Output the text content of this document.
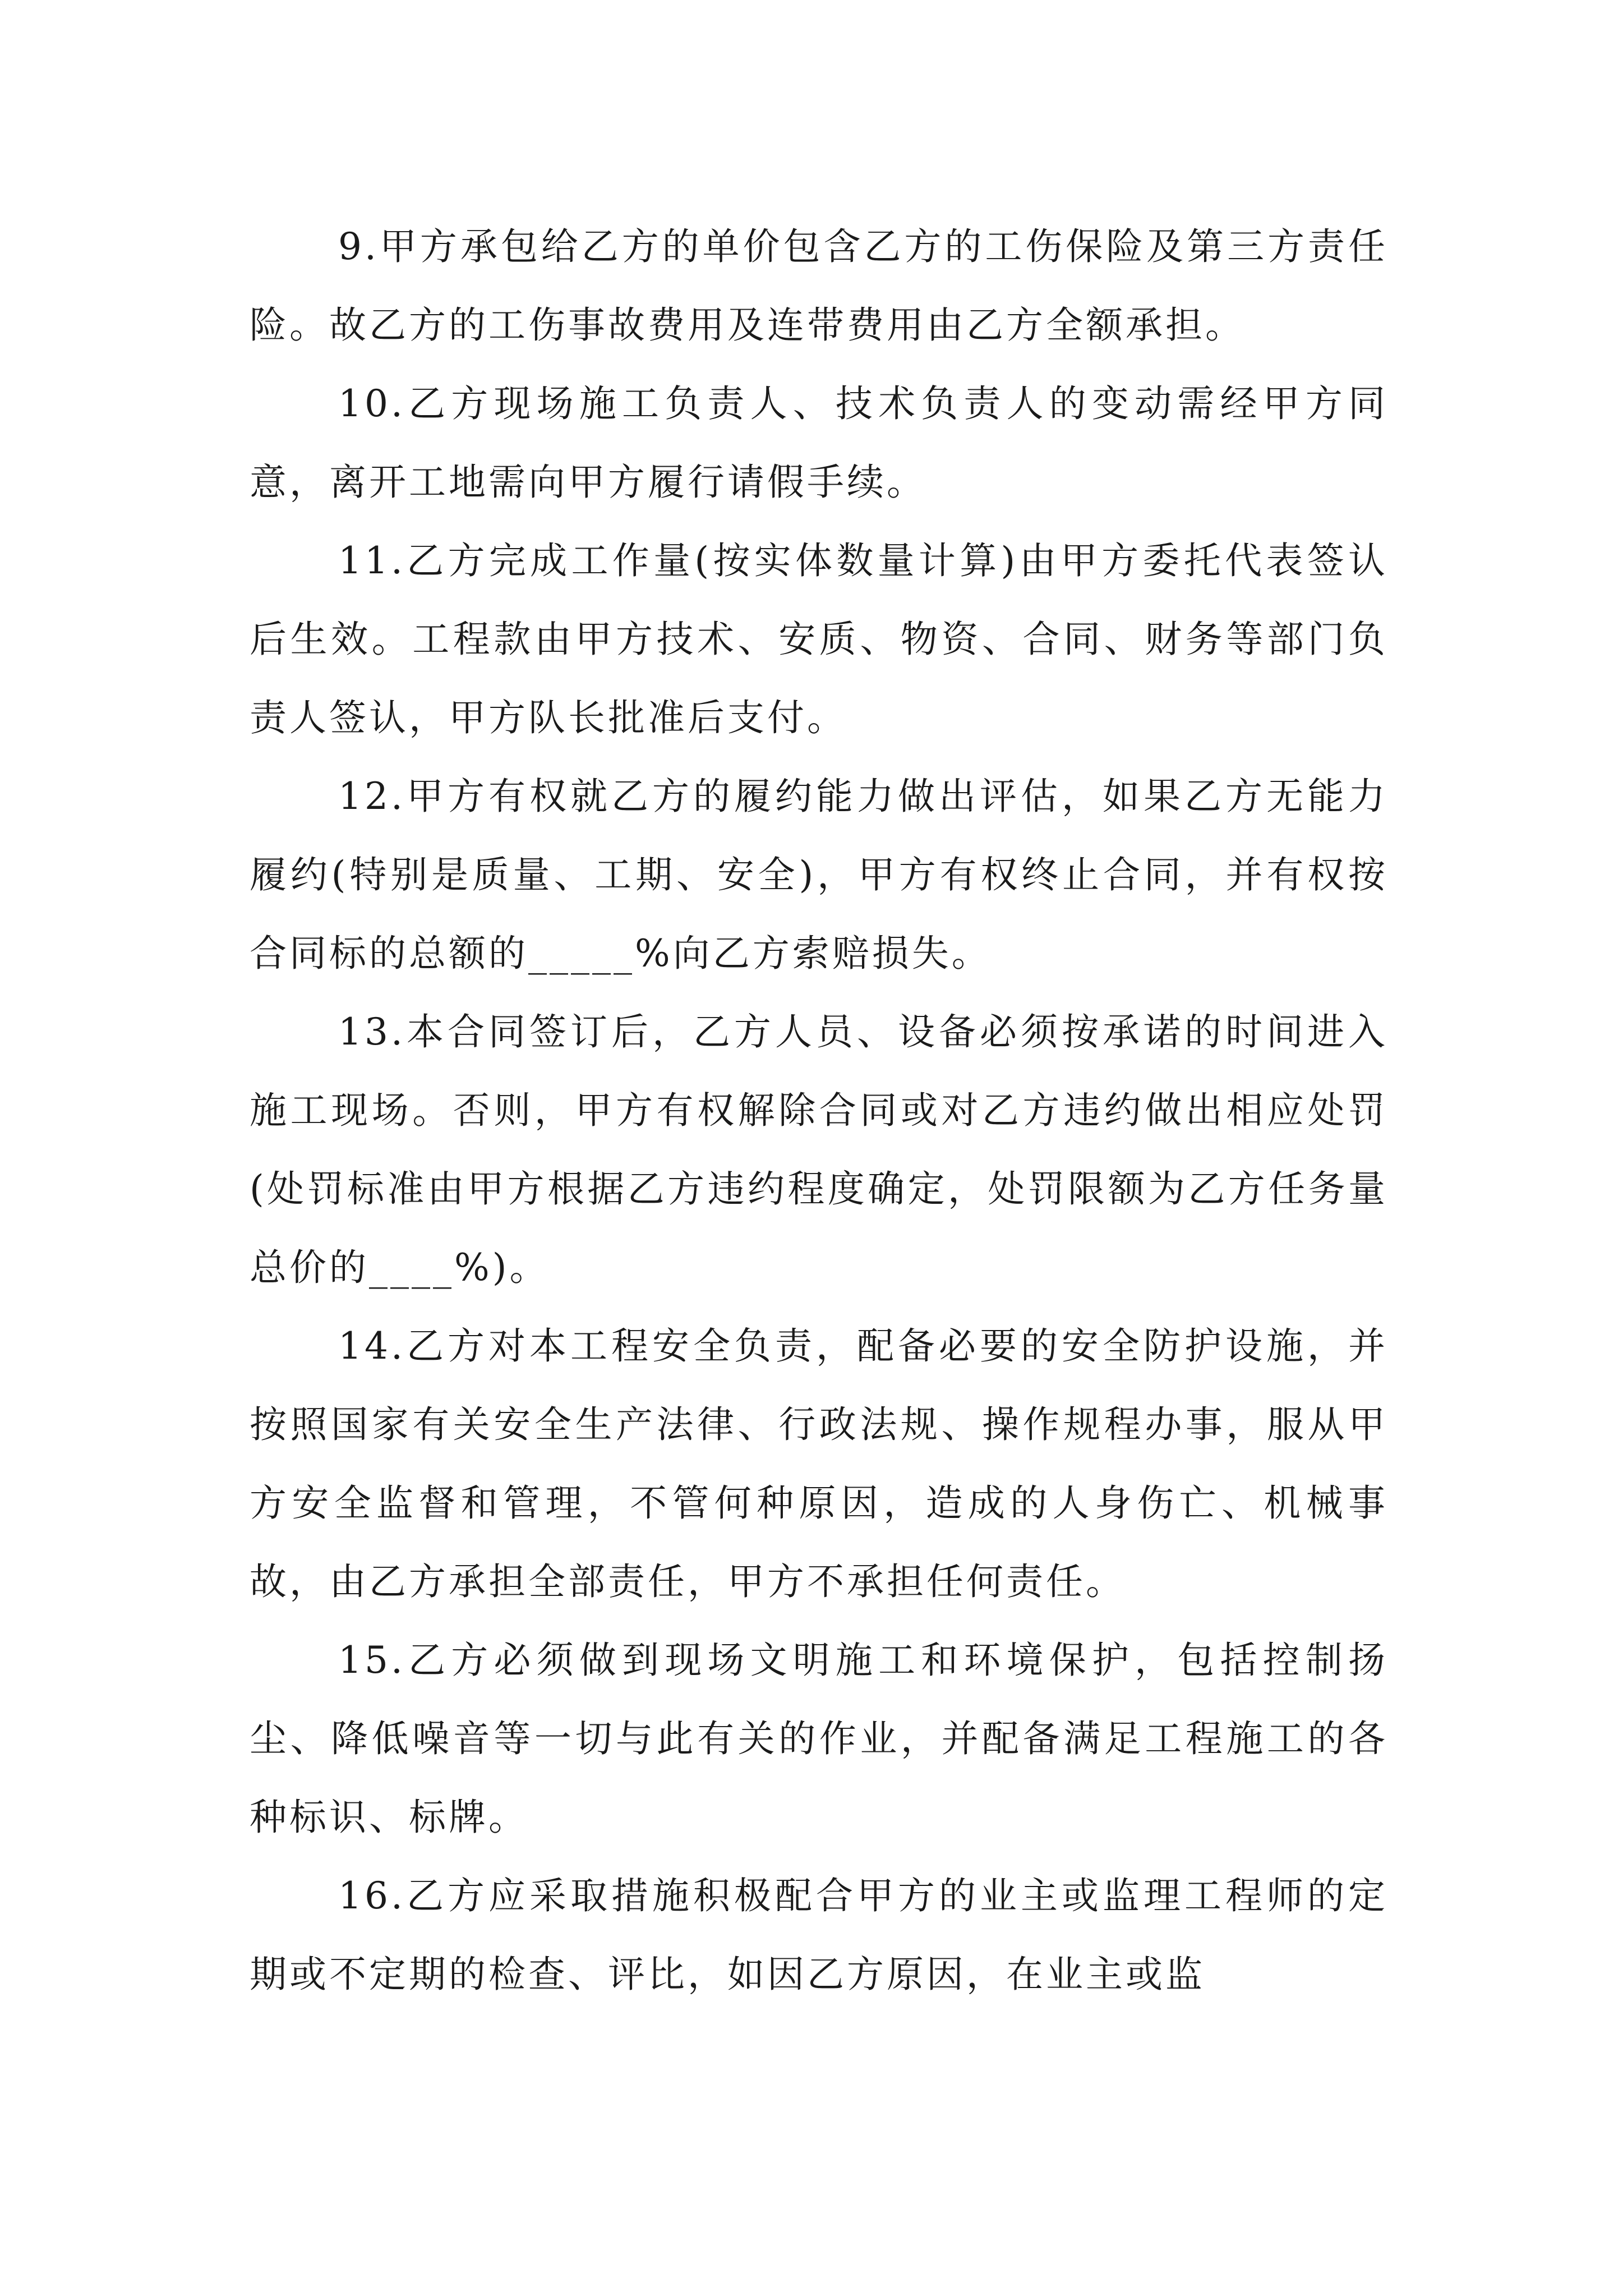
9.甲方承包给乙方的单价包含乙方的工伤保险及第三方责任险。故乙方的工伤事故费用及连带费用由乙方全额承担。

10.乙方现场施工负责人、技术负责人的变动需经甲方同意，离开工地需向甲方履行请假手续。

11.乙方完成工作量(按实体数量计算)由甲方委托代表签认后生效。工程款由甲方技术、安质、物资、合同、财务等部门负责人签认，甲方队长批准后支付。

12.甲方有权就乙方的履约能力做出评估，如果乙方无能力履约(特别是质量、工期、安全)，甲方有权终止合同，并有权按合同标的总额的_____%向乙方索赔损失。

13.本合同签订后，乙方人员、设备必须按承诺的时间进入施工现场。否则，甲方有权解除合同或对乙方违约做出相应处罚(处罚标准由甲方根据乙方违约程度确定，处罚限额为乙方任务量总价的____%)。

14.乙方对本工程安全负责，配备必要的安全防护设施，并按照国家有关安全生产法律、行政法规、操作规程办事，服从甲方安全监督和管理，不管何种原因，造成的人身伤亡、机械事故，由乙方承担全部责任，甲方不承担任何责任。

15.乙方必须做到现场文明施工和环境保护，包括控制扬尘、降低噪音等一切与此有关的作业，并配备满足工程施工的各种标识、标牌。

16.乙方应采取措施积极配合甲方的业主或监理工程师的定期或不定期的检查、评比，如因乙方原因，在业主或监
